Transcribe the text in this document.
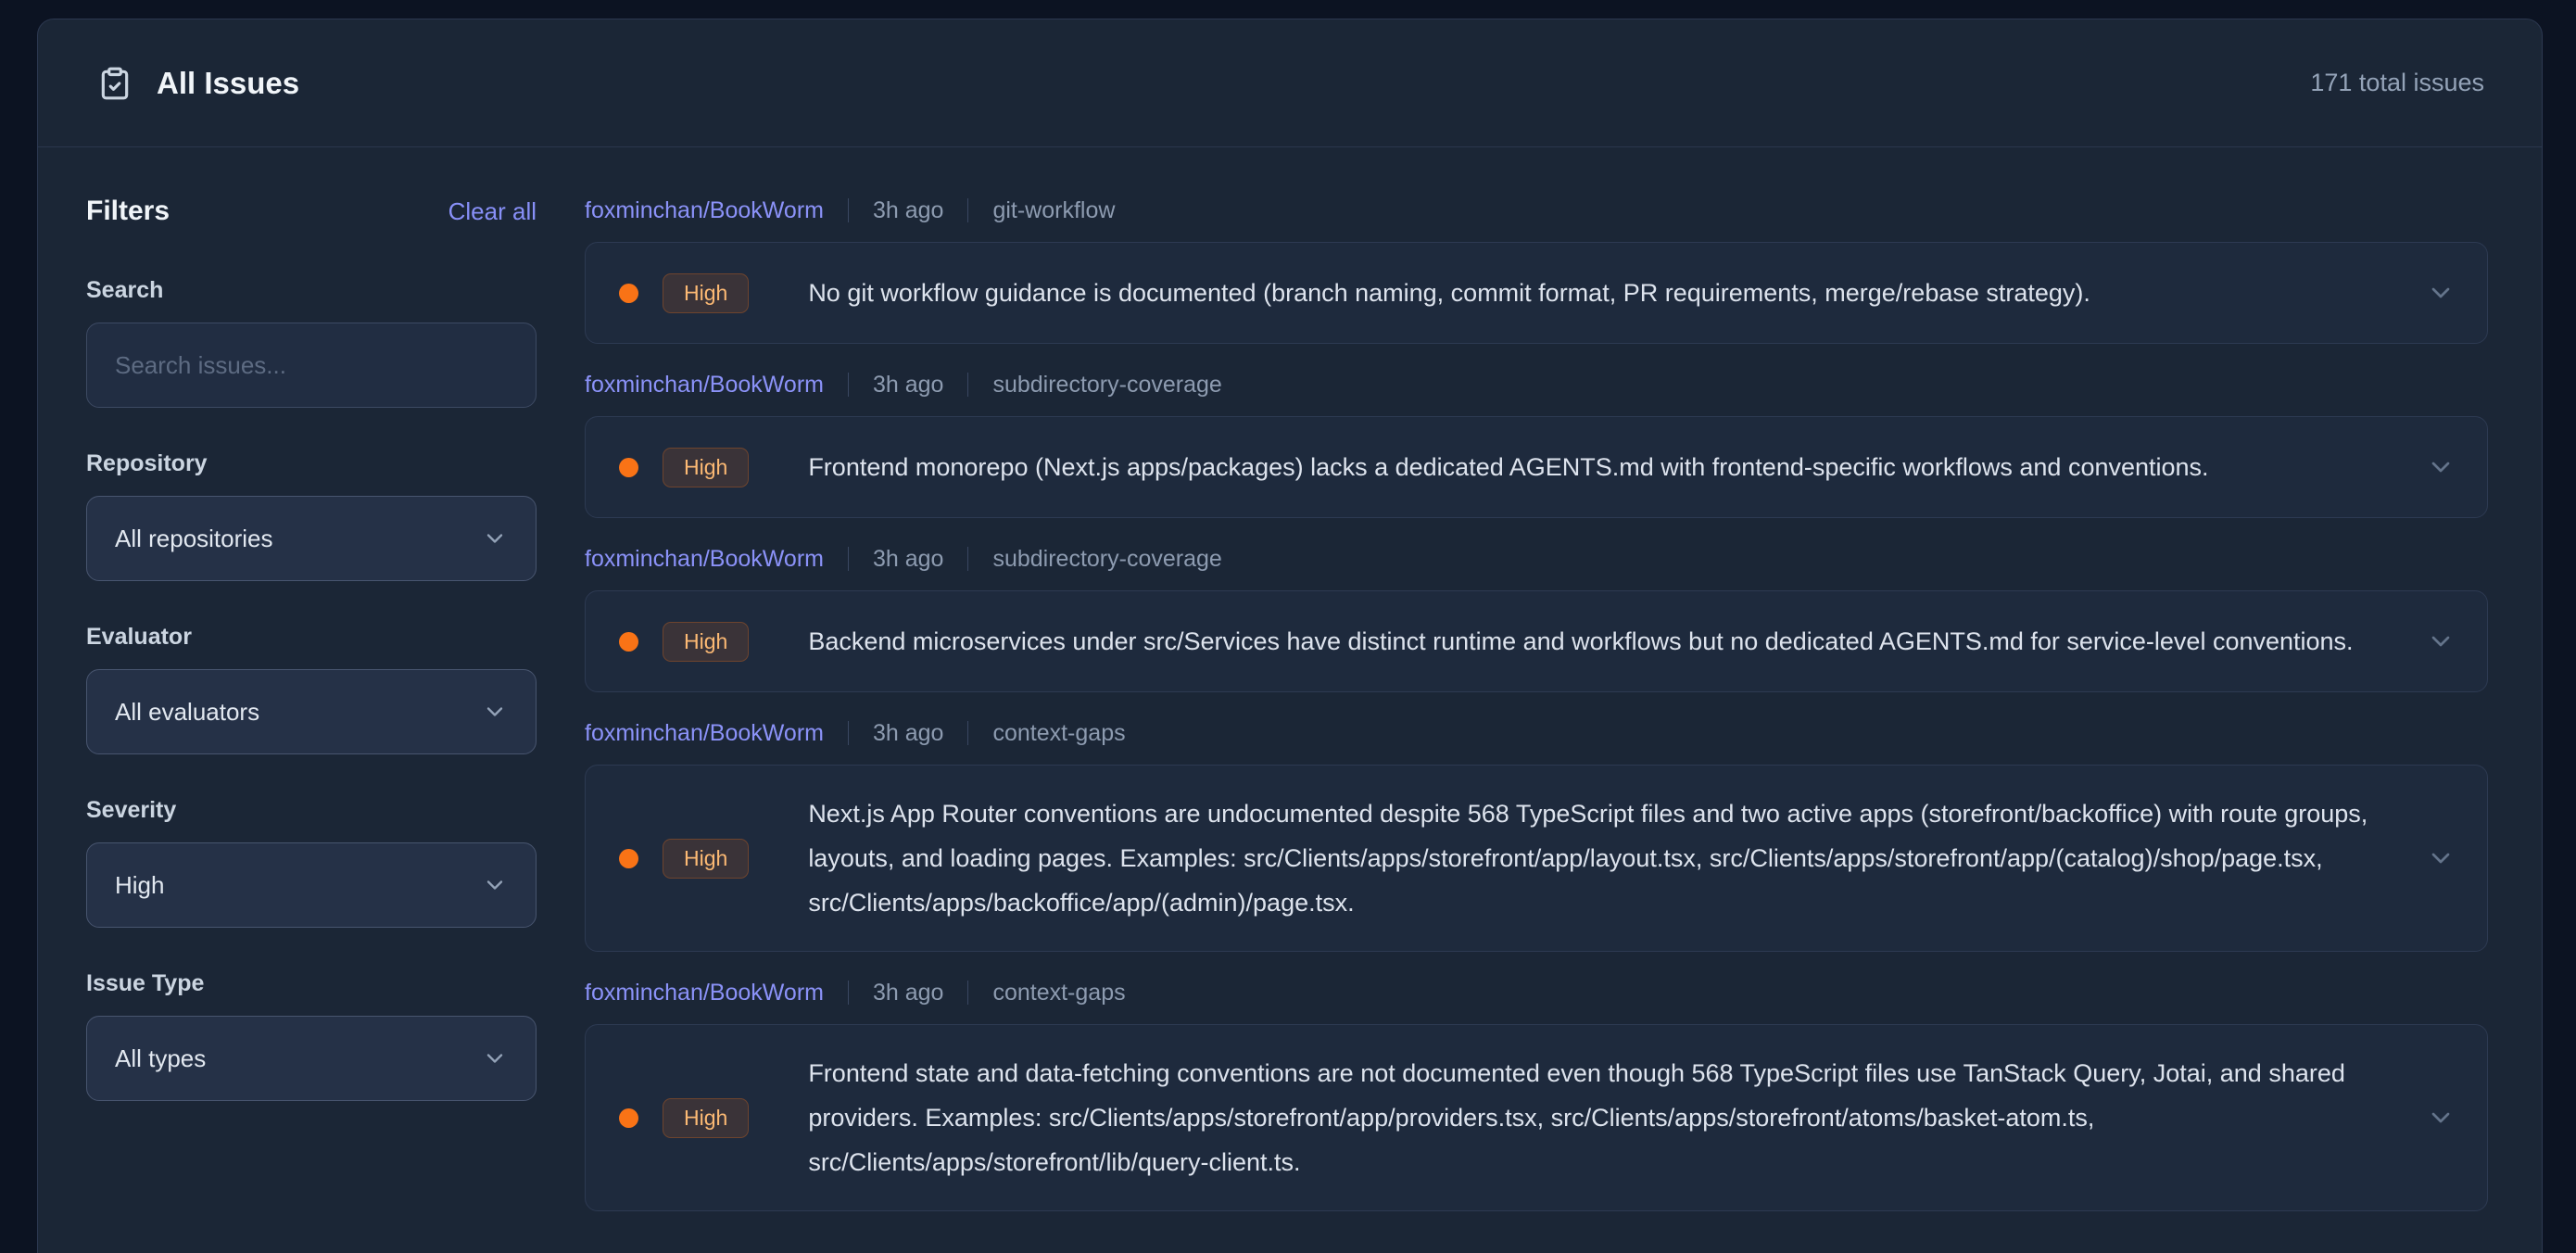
All Issues	171 total issues
Filters	Clear all
Search
Search issues...
Repository
All repositories
Evaluator
All evaluators
Severity
High
Issue Type
All types
foxminchan/BookWorm 3h ago git-workflow
High	No git workflow guidance is documented (branch naming, commit format, PR requirements, merge/rebase strategy).
foxminchan/BookWorm 3h ago subdirectory-coverage
High	Frontend monorepo (Next.js apps/packages) lacks a dedicated AGENTS.md with frontend-specific workflows and conventions.
foxminchan/BookWorm 3h ago subdirectory-coverage
High	Backend microservices under src/Services have distinct runtime and workflows but no dedicated AGENTS.md for service-level conventions.
foxminchan/BookWorm 3h ago context-gaps
High
Next.js App Router conventions are undocumented despite 568 TypeScript files and two active apps (storefront/backoffice) with route groups, layouts, and loading pages. Examples: src/Clients/apps/storefront/app/layout.tsx, src/Clients/apps/storefront/app/(catalog)/shop/page.tsx, src/Clients/apps/backoffice/app/(admin)/page.tsx.
foxminchan/BookWorm 3h ago context-gaps
High
Frontend state and data-fetching conventions are not documented even though 568 TypeScript files use TanStack Query, Jotai, and shared providers. Examples: src/Clients/apps/storefront/app/providers.tsx, src/Clients/apps/storefront/atoms/basket-atom.ts, src/Clients/apps/storefront/lib/query-client.ts.
